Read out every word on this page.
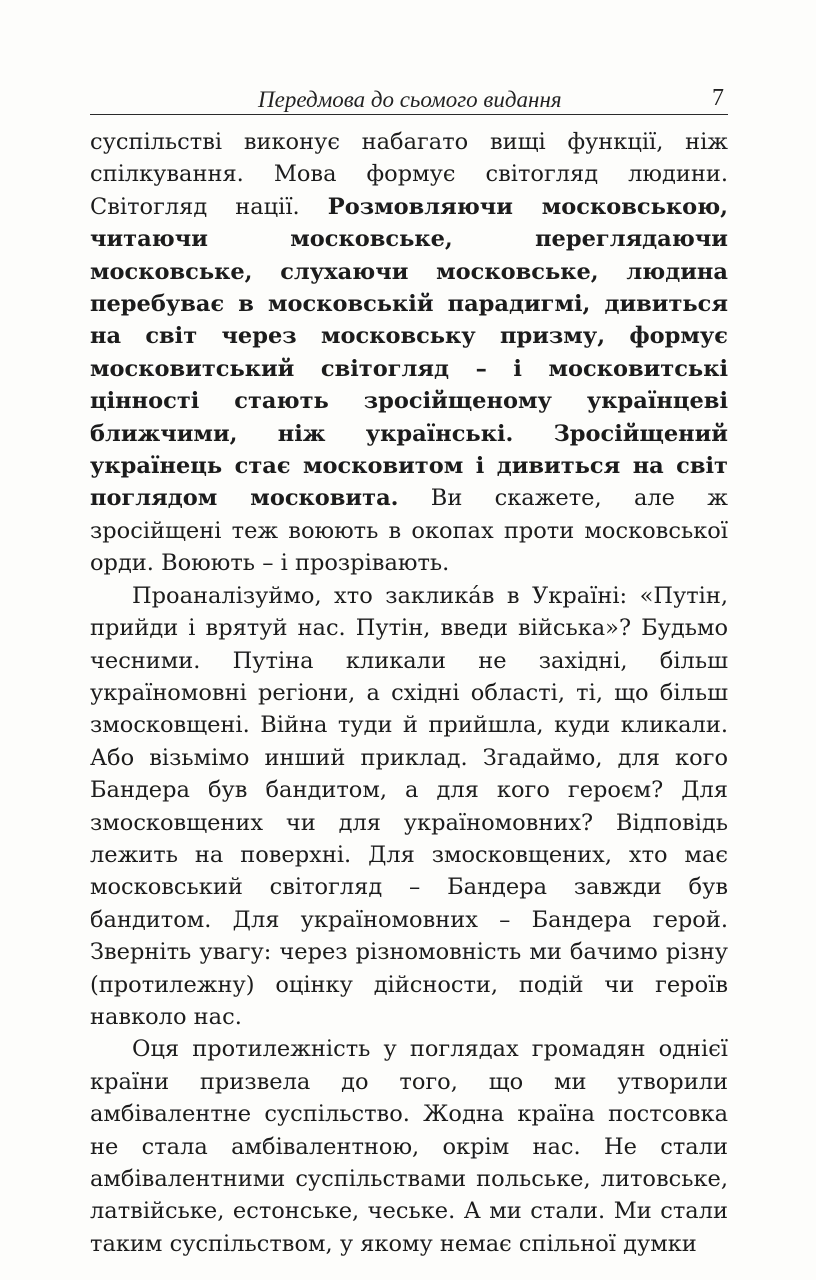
Передмова до сьомого видання	7

суспільстві виконує набагато вищі функції, ніж спілкування. Мова формує світогляд людини. Світогляд нації. Розмовляючи московською, читаючи московське, переглядаючи московське, слухаючи московське, людина перебуває в московській парадигмі, дивиться на світ через московську призму, формує московитський світогляд – і московитські цінності стають зросійщеному українцеві ближчими, ніж українські. Зросійщений українець стає московитом і дивиться на світ поглядом московита. Ви скажете, але ж зросійщені теж воюють в окопах проти московської орди. Воюють – і прозрівають.

Проаналізуймо, хто закликáв в Україні: «Путін, прийди і врятуй нас. Путін, введи війська»? Будьмо чесними. Путіна кликали не західні, більш україномовні регіони, а східні області, ті, що більш змосковщені. Війна туди й прийшла, куди кликали. Або візьмімо инший приклад. Згадаймо, для кого Бандера був бандитом, а для кого героєм? Для змосковщених чи для україномовних? Відповідь лежить на поверхні. Для змосковщених, хто має московський світогляд – Бандера завжди був бандитом. Для україномовних – Бандера герой. Зверніть увагу: через різномовність ми бачимо різну (протилежну) оцінку дійсности, подій чи героїв навколо нас.

Оця протилежність у поглядах громадян однієї країни призвела до того, що ми утворили амбівалентне суспільство. Жодна країна постсовка не стала амбівалентною, окрім нас. Не стали амбівалентними суспільствами польське, литовське, латвійське, естонське, чеське. А ми стали. Ми стали таким суспільством, у якому немає спільної думки
